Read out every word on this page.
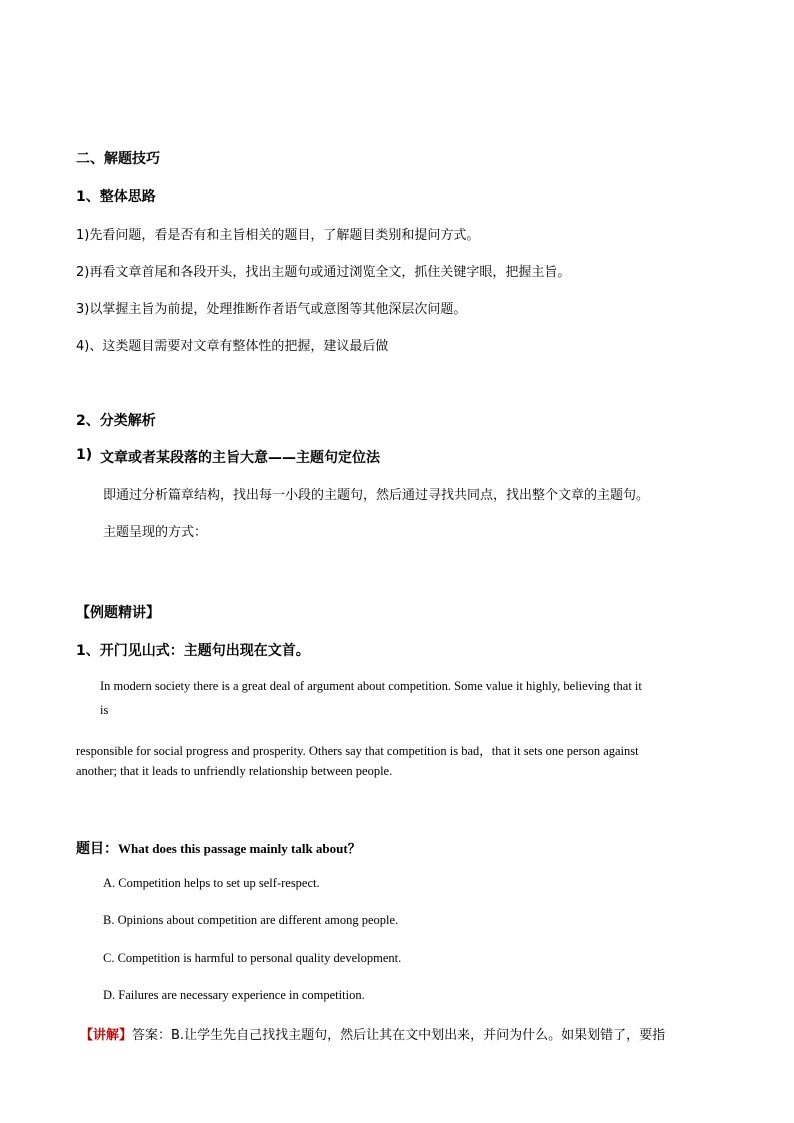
二、解题技巧
1、整体思路
1)先看问题，看是否有和主旨相关的题目，了解题目类别和提问方式。
2)再看文章首尾和各段开头，找出主题句或通过浏览全文，抓住关键字眼，把握主旨。
3)以掌握主旨为前提，处理推断作者语气或意图等其他深层次问题。
4)、这类题目需要对文章有整体性的把握，建议最后做
2、分类解析
1) 文章或者某段落的主旨大意——主题句定位法
即通过分析篇章结构，找出每一小段的主题句，然后通过寻找共同点，找出整个文章的主题句。
主题呈现的方式：
【例题精讲】
1、开门见山式：主题句出现在文首。
In modern society there is a great deal of argument about competition. Some value it highly, believing that it
is
responsible for social progress and prosperity. Others say that competition is bad，that it sets one person against
another; that it leads to unfriendly relationship between people.
题目：What does this passage mainly talk about？
A. Competition helps to set up self-respect.
B. Opinions about competition are different among people.
C. Competition is harmful to personal quality development.
D. Failures are necessary experience in competition.
【讲解】答案：B.让学生先自己找找主题句，然后让其在文中划出来，并问为什么。如果划错了，要指
